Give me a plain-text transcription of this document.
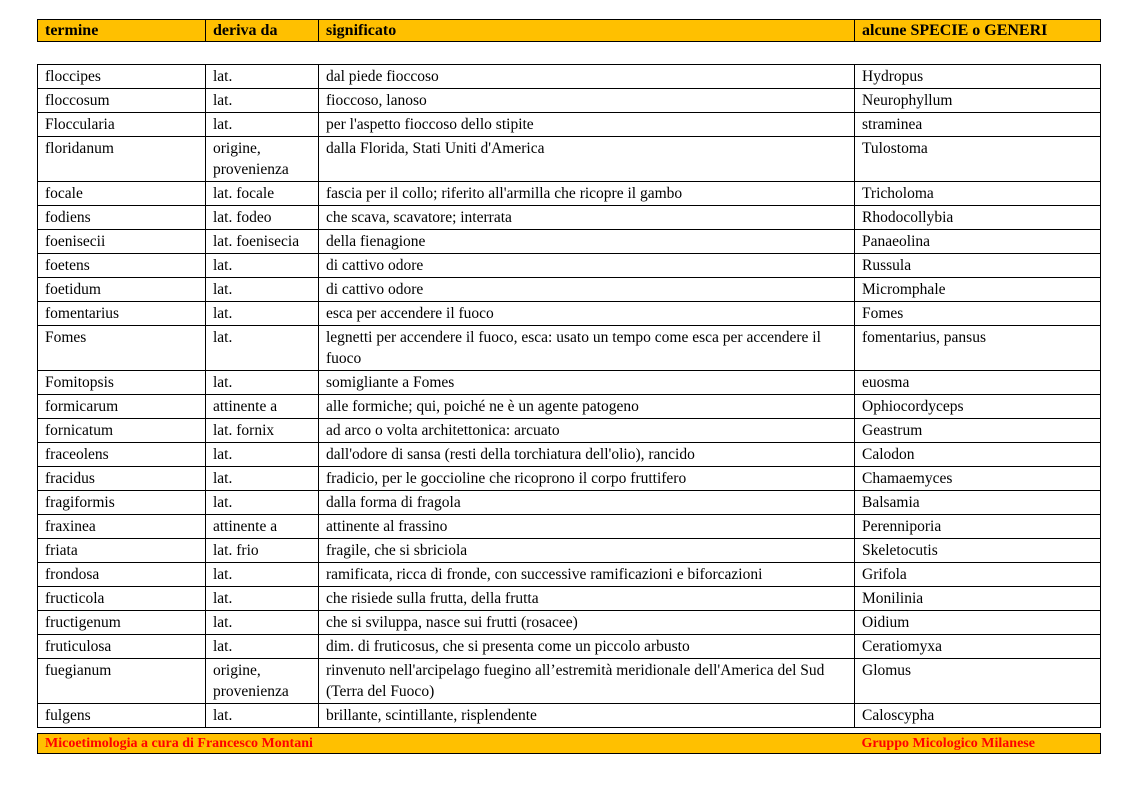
termine	deriva da	significato	alcune SPECIE o GENERI
floccipes	lat.	dal piede fioccoso	Hydropus
floccosum	lat.	fioccoso, lanoso	Neurophyllum
Floccularia	lat.	per l'aspetto fioccoso dello stipite	straminea
floridanum	origine, provenienza	dalla Florida, Stati Uniti d'America	Tulostoma
focale	lat. focale	fascia per il collo; riferito all'armilla che ricopre il gambo	Tricholoma
fodiens	lat. fodeo	che scava, scavatore; interrata	Rhodocollybia
foenisecii	lat. foenisecia	della fienagione	Panaeolina
foetens	lat.	di cattivo odore	Russula
foetidum	lat.	di cattivo odore	Micromphale
fomentarius	lat.	esca per accendere il fuoco	Fomes
Fomes	lat.	legnetti per accendere il fuoco, esca: usato un tempo come esca per accendere il fuoco	fomentarius, pansus
Fomitopsis	lat.	somigliante a Fomes	euosma
formicarum	attinente a	alle formiche; qui, poiché ne è un agente patogeno	Ophiocordyceps
fornicatum	lat. fornix	ad arco o volta architettonica: arcuato	Geastrum
fraceolens	lat.	dall'odore di sansa (resti della torchiatura dell'olio), rancido	Calodon
fracidus	lat.	fradicio, per le goccioline che ricoprono il corpo fruttifero	Chamaemyces
fragiformis	lat.	dalla forma di fragola	Balsamia
fraxinea	attinente a	attinente al frassino	Perenniporia
friata	lat. frio	fragile, che si sbriciola	Skeletocutis
frondosa	lat.	ramificata, ricca di fronde, con successive ramificazioni e biforcazioni	Grifola
fructicola	lat.	che risiede sulla frutta, della frutta	Monilinia
fructigenum	lat.	che si sviluppa, nasce sui frutti (rosacee)	Oidium
fruticulosa	lat.	dim. di fruticosus, che si presenta come un piccolo arbusto	Ceratiomyxa
fuegianum	origine, provenienza	rinvenuto nell'arcipelago fuegino all’estremità meridionale dell'America del Sud (Terra del Fuoco)	Glomus
fulgens	lat.	brillante, scintillante, risplendente	Caloscypha
Micoetimologia a cura di Francesco Montani	Gruppo Micologico Milanese
